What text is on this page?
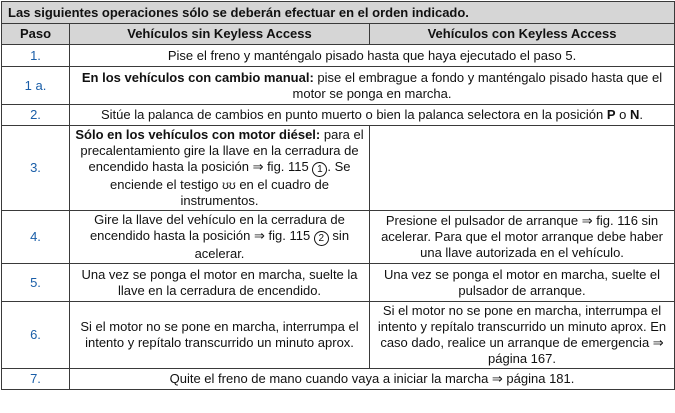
Las siguientes operaciones sólo se deberán efectuar en el orden indicado.		
Paso	Vehículos sin Keyless Access	Vehículos con Keyless Access
1.	Pise el freno y manténgalo pisado hasta que haya ejecutado el paso 5.	
1 a.	En los vehículos con cambio manual: pise el embrague a fondo y manténgalo pisado hasta que el motor se ponga en marcha.	
2.	Sitúe la palanca de cambios en punto muerto o bien la palanca selectora en la posición P o N.	
3.	Sólo en los vehículos con motor diésel: para el precalentamiento gire la llave en la cerradura de encendido hasta la posición ⇒ fig. 115 1 . Se enciende el testigo ʊʊ en el cuadro de instrumentos.	
4.	Gire la llave del vehículo en la cerradura de encendido hasta la posición ⇒ fig. 115 2 sin acelerar.	Presione el pulsador de arranque ⇒ fig. 116 sin acelerar. Para que el motor arranque debe haber una llave autorizada en el vehículo.
5.	Una vez se ponga el motor en marcha, suelte la llave en la cerradura de encendido.	Una vez se ponga el motor en marcha, suelte el pulsador de arranque.
6.	Si el motor no se pone en marcha, interrumpa el intento y repítalo transcurrido un minuto aprox.	Si el motor no se pone en marcha, interrumpa el intento y repítalo transcurrido un minuto aprox. En caso dado, realice un arranque de emergencia ⇒ página 167.
7.	Quite el freno de mano cuando vaya a iniciar la marcha ⇒ página 181.	
